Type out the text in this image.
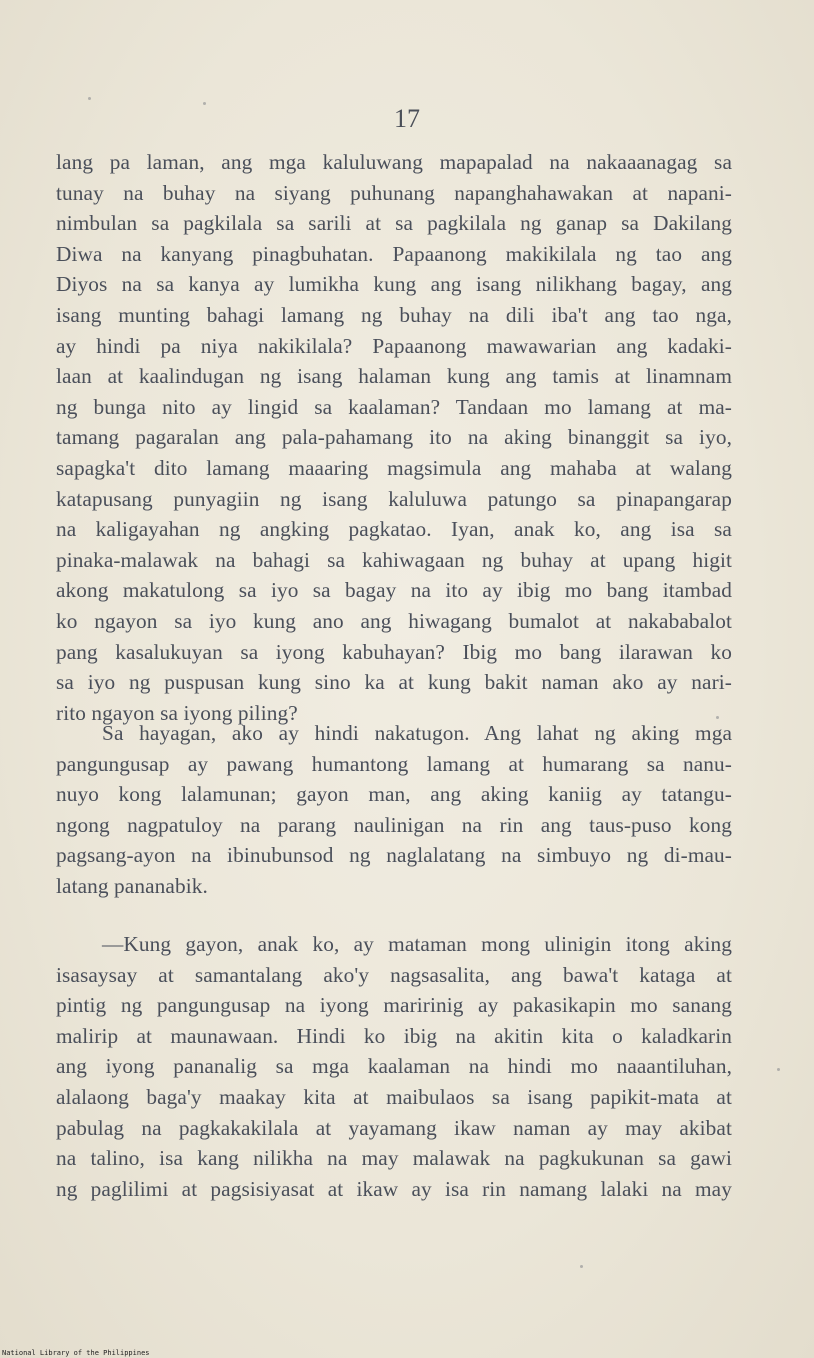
17
lang pa laman, ang mga kaluluwang mapapalad na nakaaanagag sa
tunay na buhay na siyang puhunang napanghahawakan at napani-
nimbulan sa pagkilala sa sarili at sa pagkilala ng ganap sa Dakilang
Diwa na kanyang pinagbuhatan. Papaanong makikilala ng tao ang
Diyos na sa kanya ay lumikha kung ang isang nilikhang bagay, ang
isang munting bahagi lamang ng buhay na dili iba't ang tao nga,
ay hindi pa niya nakikilala? Papaanong mawawarian ang kadaki-
laan at kaalindugan ng isang halaman kung ang tamis at linamnam
ng bunga nito ay lingid sa kaalaman? Tandaan mo lamang at ma-
tamang pagaralan ang pala-pahamang ito na aking binanggit sa iyo,
sapagka't dito lamang maaaring magsimula ang mahaba at walang
katapusang punyagiin ng isang kaluluwa patungo sa pinapangarap
na kaligayahan ng angking pagkatao. Iyan, anak ko, ang isa sa
pinaka-malawak na bahagi sa kahiwagaan ng buhay at upang higit
akong makatulong sa iyo sa bagay na ito ay ibig mo bang itambad
ko ngayon sa iyo kung ano ang hiwagang bumalot at nakababalot
pang kasalukuyan sa iyong kabuhayan? Ibig mo bang ilarawan ko
sa iyo ng puspusan kung sino ka at kung bakit naman ako ay nari-
rito ngayon sa iyong piling?
Sa hayagan, ako ay hindi nakatugon. Ang lahat ng aking mga
pangungusap ay pawang humantong lamang at humarang sa nanu-
nuyo kong lalamunan; gayon man, ang aking kaniig ay tatangu-
ngong nagpatuloy na parang naulinigan na rin ang taus-puso kong
pagsang-ayon na ibinubunsod ng naglalatang na simbuyo ng di-mau-
latang pananabik.
—Kung gayon, anak ko, ay mataman mong ulinigin itong aking
isasaysay at samantalang ako'y nagsasalita, ang bawa't kataga at
pintig ng pangungusap na iyong maririnig ay pakasikapin mo sanang
malirip at maunawaan. Hindi ko ibig na akitin kita o kaladkarin
ang iyong pananalig sa mga kaalaman na hindi mo naaantiluhan,
alalaong baga'y maakay kita at maibulaos sa isang papikit-mata at
pabulag na pagkakakilala at yayamang ikaw naman ay may akibat
na talino, isa kang nilikha na may malawak na pagkukunan sa gawi
ng paglilimi at pagsisiyasat at ikaw ay isa rin namang lalaki na may
National Library of the Philippines
